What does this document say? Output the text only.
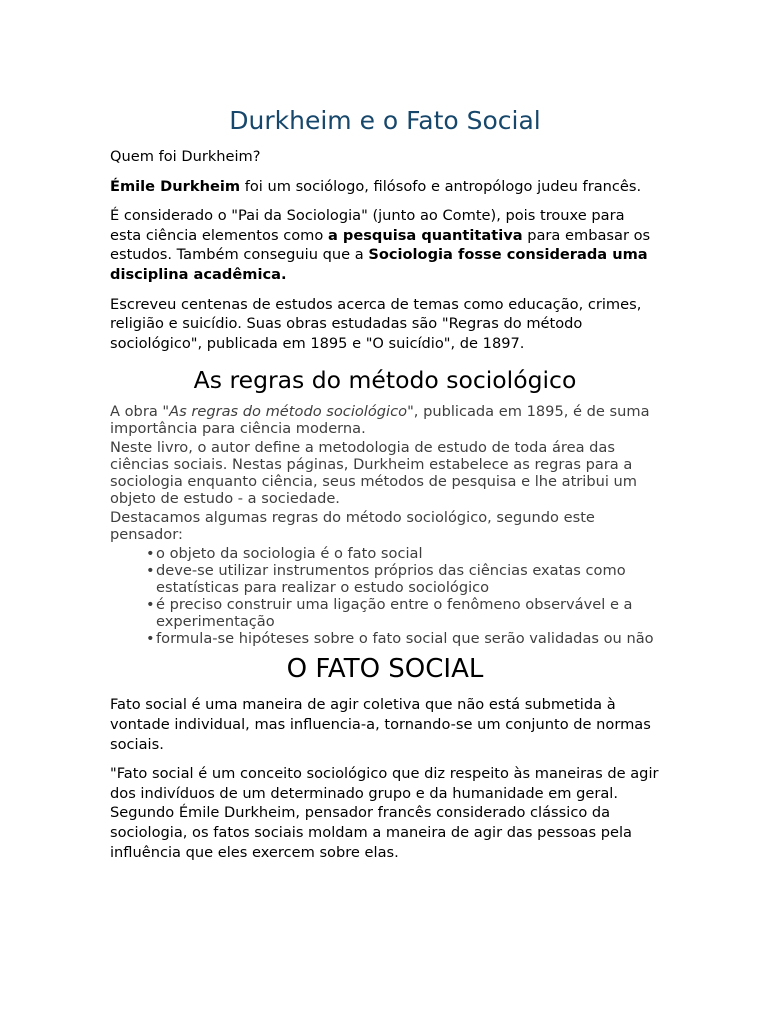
Durkheim e o Fato Social

Quem foi Durkheim?

Émile Durkheim foi um sociólogo, filósofo e antropólogo judeu francês.

É considerado o "Pai da Sociologia" (junto ao Comte), pois trouxe para esta ciência elementos como a pesquisa quantitativa para embasar os estudos. Também conseguiu que a Sociologia fosse considerada uma disciplina acadêmica.

Escreveu centenas de estudos acerca de temas como educação, crimes, religião e suicídio. Suas obras estudadas são "Regras do método sociológico", publicada em 1895 e "O suicídio", de 1897.

As regras do método sociológico

A obra "As regras do método sociológico", publicada em 1895, é de suma importância para ciência moderna.

Neste livro, o autor define a metodologia de estudo de toda área das ciências sociais. Nestas páginas, Durkheim estabelece as regras para a sociologia enquanto ciência, seus métodos de pesquisa e lhe atribui um objeto de estudo - a sociedade.

Destacamos algumas regras do método sociológico, segundo este pensador:

•o objeto da sociologia é o fato social
•deve-se utilizar instrumentos próprios das ciências exatas como estatísticas para realizar o estudo sociológico
•é preciso construir uma ligação entre o fenômeno observável e a experimentação
•formula-se hipóteses sobre o fato social que serão validadas ou não
O FATO SOCIAL

Fato social é uma maneira de agir coletiva que não está submetida à vontade individual, mas influencia-a, tornando-se um conjunto de normas sociais.

"Fato social é um conceito sociológico que diz respeito às maneiras de agir dos indivíduos de um determinado grupo e da humanidade em geral. Segundo Émile Durkheim, pensador francês considerado clássico da sociologia, os fatos sociais moldam a maneira de agir das pessoas pela influência que eles exercem sobre elas.
